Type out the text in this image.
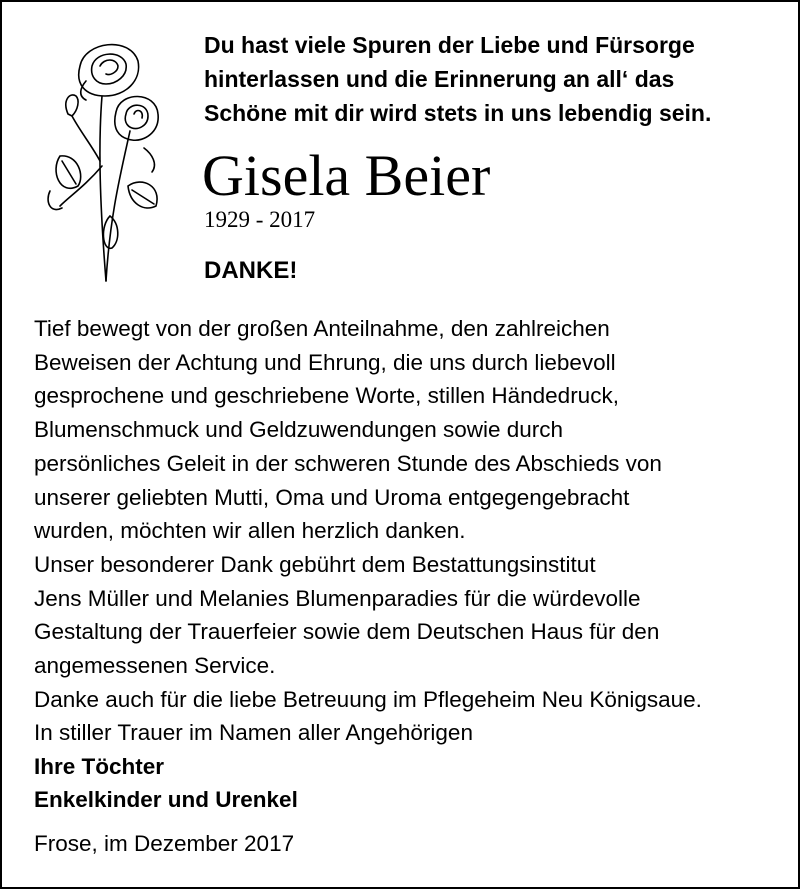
Du hast viele Spuren der Liebe und Fürsorge
hinterlassen und die Erinnerung an all‘ das
Schöne mit dir wird stets in uns lebendig sein.
Gisela Beier
1929 - 2017
DANKE!
Tief bewegt von der großen Anteilnahme, den zahlreichen
Beweisen der Achtung und Ehrung, die uns durch liebevoll
gesprochene und geschriebene Worte, stillen Händedruck,
Blumenschmuck und Geldzuwendungen sowie durch
persönliches Geleit in der schweren Stunde des Abschieds von
unserer geliebten Mutti, Oma und Uroma entgegengebracht
wurden, möchten wir allen herzlich danken.
Unser besonderer Dank gebührt dem Bestattungsinstitut
Jens Müller und Melanies Blumenparadies für die würdevolle
Gestaltung der Trauerfeier sowie dem Deutschen Haus für den
angemessenen Service.
Danke auch für die liebe Betreuung im Pflegeheim Neu Königsaue.
In stiller Trauer im Namen aller Angehörigen
Ihre Töchter
Enkelkinder und Urenkel
Frose, im Dezember 2017
